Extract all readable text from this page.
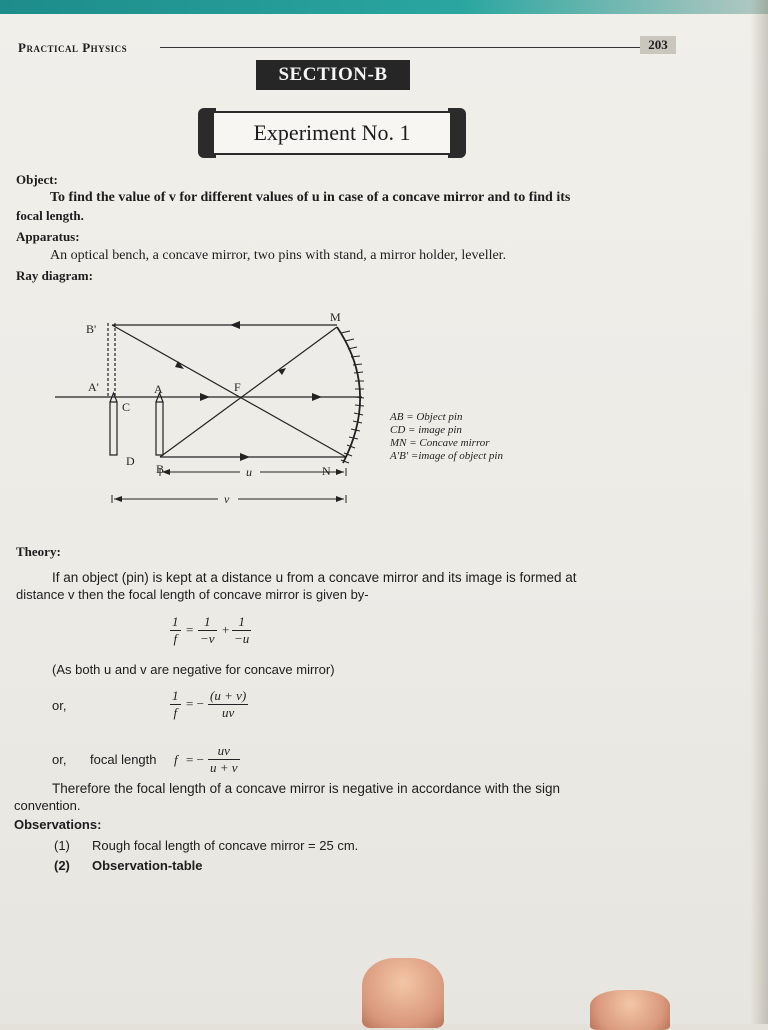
Practical Physics	203
SECTION-B
Experiment No. 1
Object:
To find the value of v for different values of u in case of a concave mirror and to find its
focal length.
Apparatus:
An optical bench, a concave mirror, two pins with stand, a mirror holder, leveller.
Ray diagram:
B'
A'	A
C
D
B
F
M
N
u
v
AB = Object pin
CD = image pin
MN = Concave mirror
A'B' =image of object pin
Theory:
If an object (pin) is kept at a distance u from a concave mirror and its image is formed at
distance v then the focal length of concave mirror is given by-
$\frac{1}{f} = \frac{1}{-v} + \frac{1}{-u}$
(As both u and v are negative for concave mirror)
or,	$\frac{1}{f}$ = − $\frac{(u + v)}{uv}$
or, focal length f = − $\frac{uv}{u + v}$
Therefore the focal length of a concave mirror is negative in accordance with the sign
convention.
Observations:
(1) Rough focal length of concave mirror = 25 cm.
(2) Observation-table
